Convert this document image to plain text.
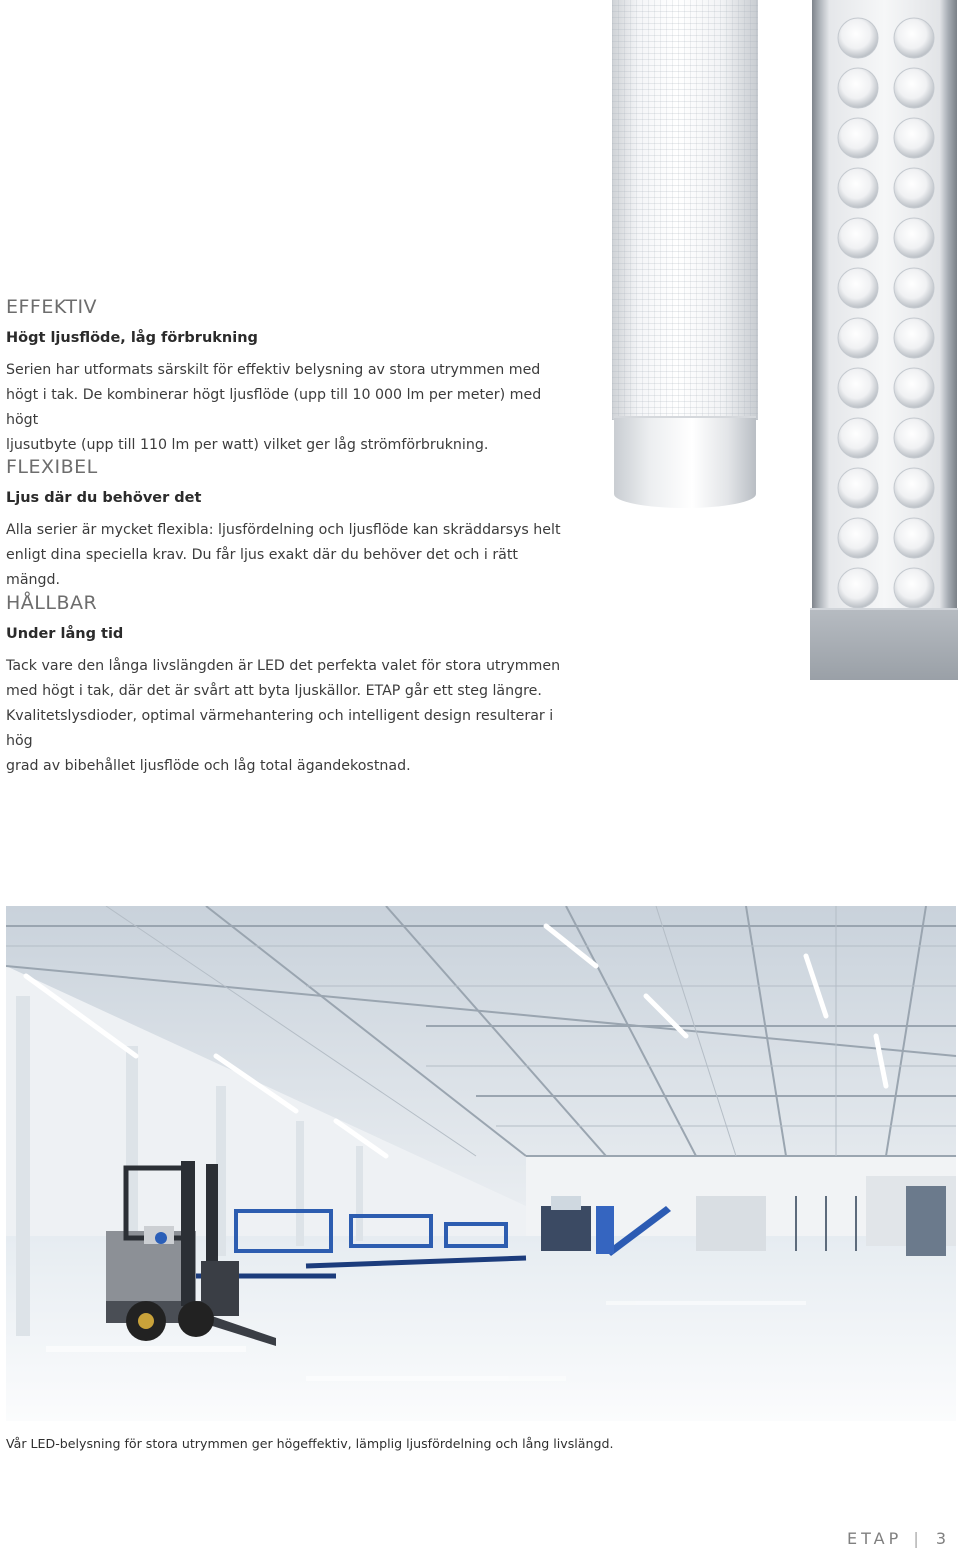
EFFEKTIV

Högt ljusflöde, låg förbrukning

Serien har utformats särskilt för effektiv belysning av stora utrymmen med
högt i tak. De kombinerar högt ljusflöde (upp till 10 000 lm per meter) med högt
ljusutbyte (upp till 110 lm per watt) vilket ger låg strömförbrukning.
FLEXIBEL

Ljus där du behöver det

Alla serier är mycket flexibla: ljusfördelning och ljusflöde kan skräddarsys helt
enligt dina speciella krav. Du får ljus exakt där du behöver det och i rätt mängd.
HÅLLBAR

Under lång tid

Tack vare den långa livslängden är LED det perfekta valet för stora utrymmen
med högt i tak, där det är svårt att byta ljuskällor. ETAP går ett steg längre.
Kvalitetslysdioder, optimal värmehantering och intelligent design resulterar i hög
grad av bibehållet ljusflöde och låg total ägandekostnad.

Vår LED-belysning för stora utrymmen ger högeffektiv, lämplig ljusfördelning och lång livslängd.

ETAP | 3
